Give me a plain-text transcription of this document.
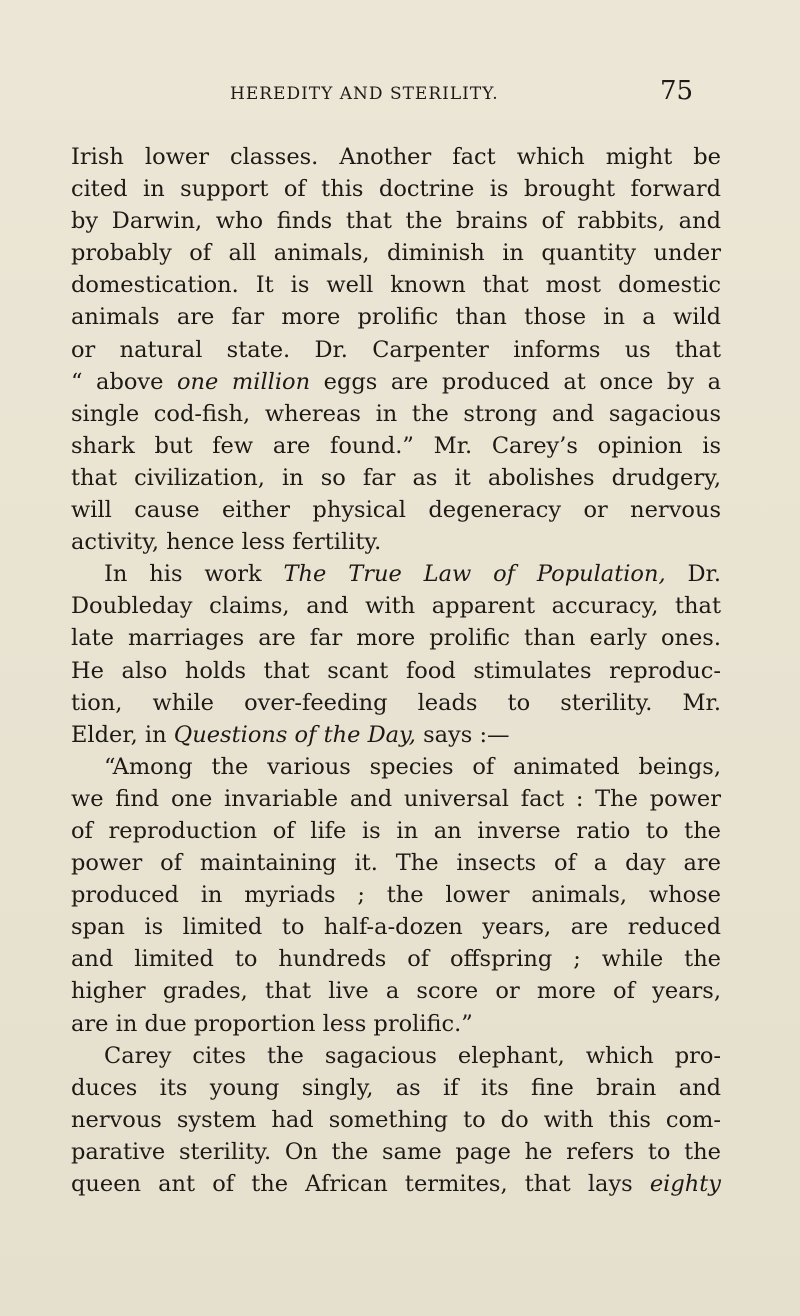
HEREDITY AND STERILITY.	75
Irish lower classes. Another fact which might be
cited in support of this doctrine is brought forward
by Darwin, who finds that the brains of rabbits, and
probably of all animals, diminish in quantity under
domestication. It is well known that most domestic
animals are far more prolific than those in a wild
or natural state. Dr. Carpenter informs us that
“ above one million eggs are produced at once by a
single cod-fish, whereas in the strong and sagacious
shark but few are found.” Mr. Carey’s opinion is
that civilization, in so far as it abolishes drudgery,
will cause either physical degeneracy or nervous
activity, hence less fertility.
In his work The True Law of Population, Dr.
Doubleday claims, and with apparent accuracy, that
late marriages are far more prolific than early ones.
He also holds that scant food stimulates reproduc-
tion, while over-feeding leads to sterility. Mr.
Elder, in Questions of the Day, says :—
“Among the various species of animated beings,
we find one invariable and universal fact : The power
of reproduction of life is in an inverse ratio to the
power of maintaining it. The insects of a day are
produced in myriads ; the lower animals, whose
span is limited to half-a-dozen years, are reduced
and limited to hundreds of offspring ; while the
higher grades, that live a score or more of years,
are in due proportion less prolific.”
Carey cites the sagacious elephant, which pro-
duces its young singly, as if its fine brain and
nervous system had something to do with this com-
parative sterility. On the same page he refers to the
queen ant of the African termites, that lays eighty
